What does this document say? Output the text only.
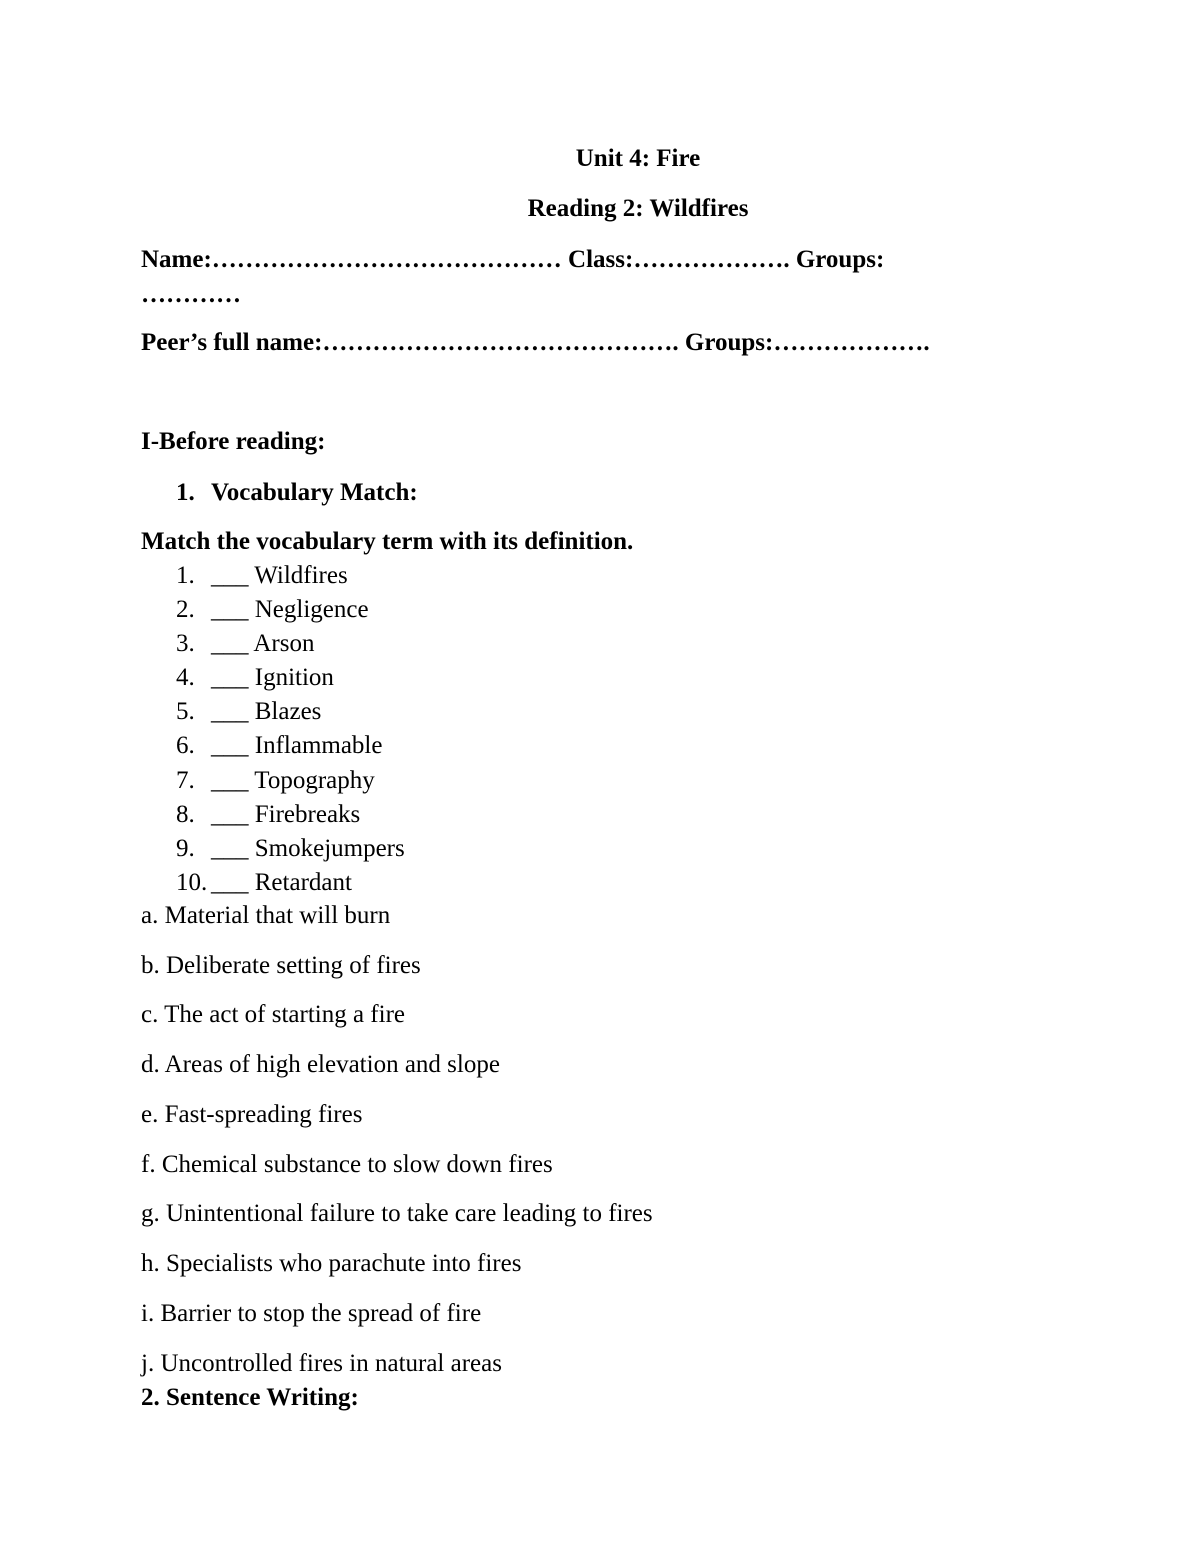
Unit 4: Fire
Reading 2: Wildfires
Name:…………………………………… Class:………………. Groups:
…………
Peer’s full name:……………………………………. Groups:……………….
I-Before reading:
1. Vocabulary Match:
Match the vocabulary term with its definition.
1. ___ Wildfires
2. ___ Negligence
3. ___ Arson
4. ___ Ignition
5. ___ Blazes
6. ___ Inflammable
7. ___ Topography
8. ___ Firebreaks
9. ___ Smokejumpers
10. ___ Retardant
a. Material that will burn
b. Deliberate setting of fires
c. The act of starting a fire
d. Areas of high elevation and slope
e. Fast-spreading fires
f. Chemical substance to slow down fires
g. Unintentional failure to take care leading to fires
h. Specialists who parachute into fires
i. Barrier to stop the spread of fire
j. Uncontrolled fires in natural areas
2. Sentence Writing:
